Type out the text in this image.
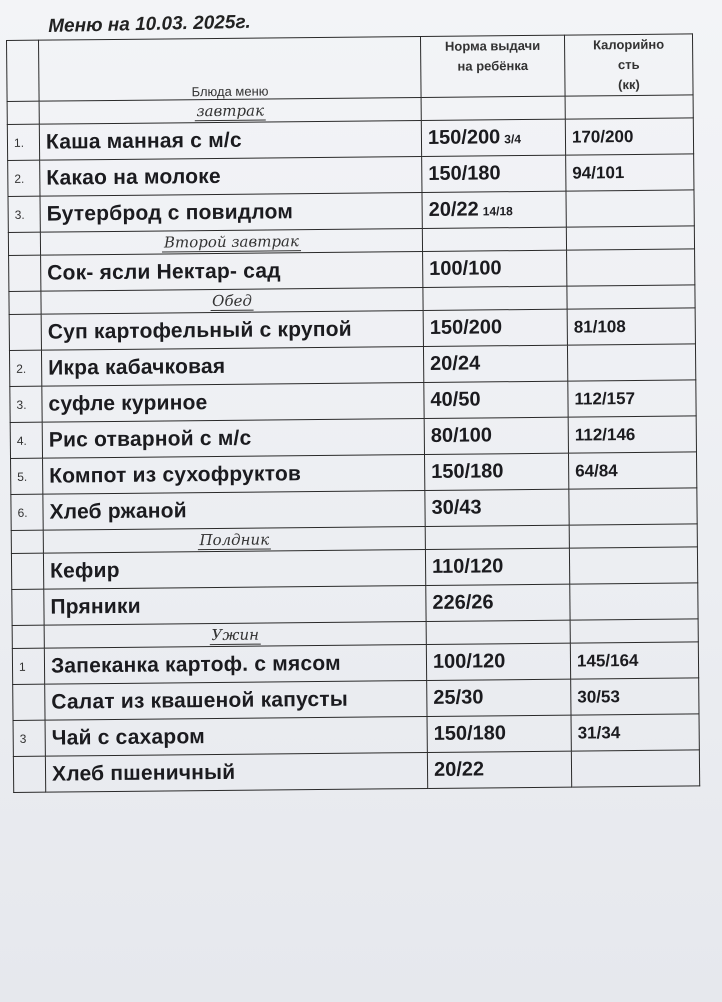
Меню на 10.03. 2025г.
	Блюда меню	Норма выдачи
на ребёнка	Калорийно
сть
(кк)
	завтрак		
1.	Каша манная с м/с	150/200 3/4	170/200
2.	Какао на молоке	150/180	94/101
3.	Бутерброд с повидлом	20/22 14/18	
	Второй завтрак		
	Сок- ясли Нектар- сад	100/100	
	Обед		
	Суп картофельный с крупой	150/200	81/108
2.	Икра кабачковая	20/24	
3.	суфле куриное	40/50	112/157
4.	Рис отварной с м/с	80/100	112/146
5.	Компот из сухофруктов	150/180	64/84
6.	Хлеб ржаной	30/43	
	Полдник		
	Кефир	110/120	
	Пряники	226/26	
	Ужин		
1	Запеканка картоф. с мясом	100/120	145/164
	Салат из квашеной капусты	25/30	30/53
3	Чай с сахаром	150/180	31/34
	Хлеб пшеничный	20/22	
